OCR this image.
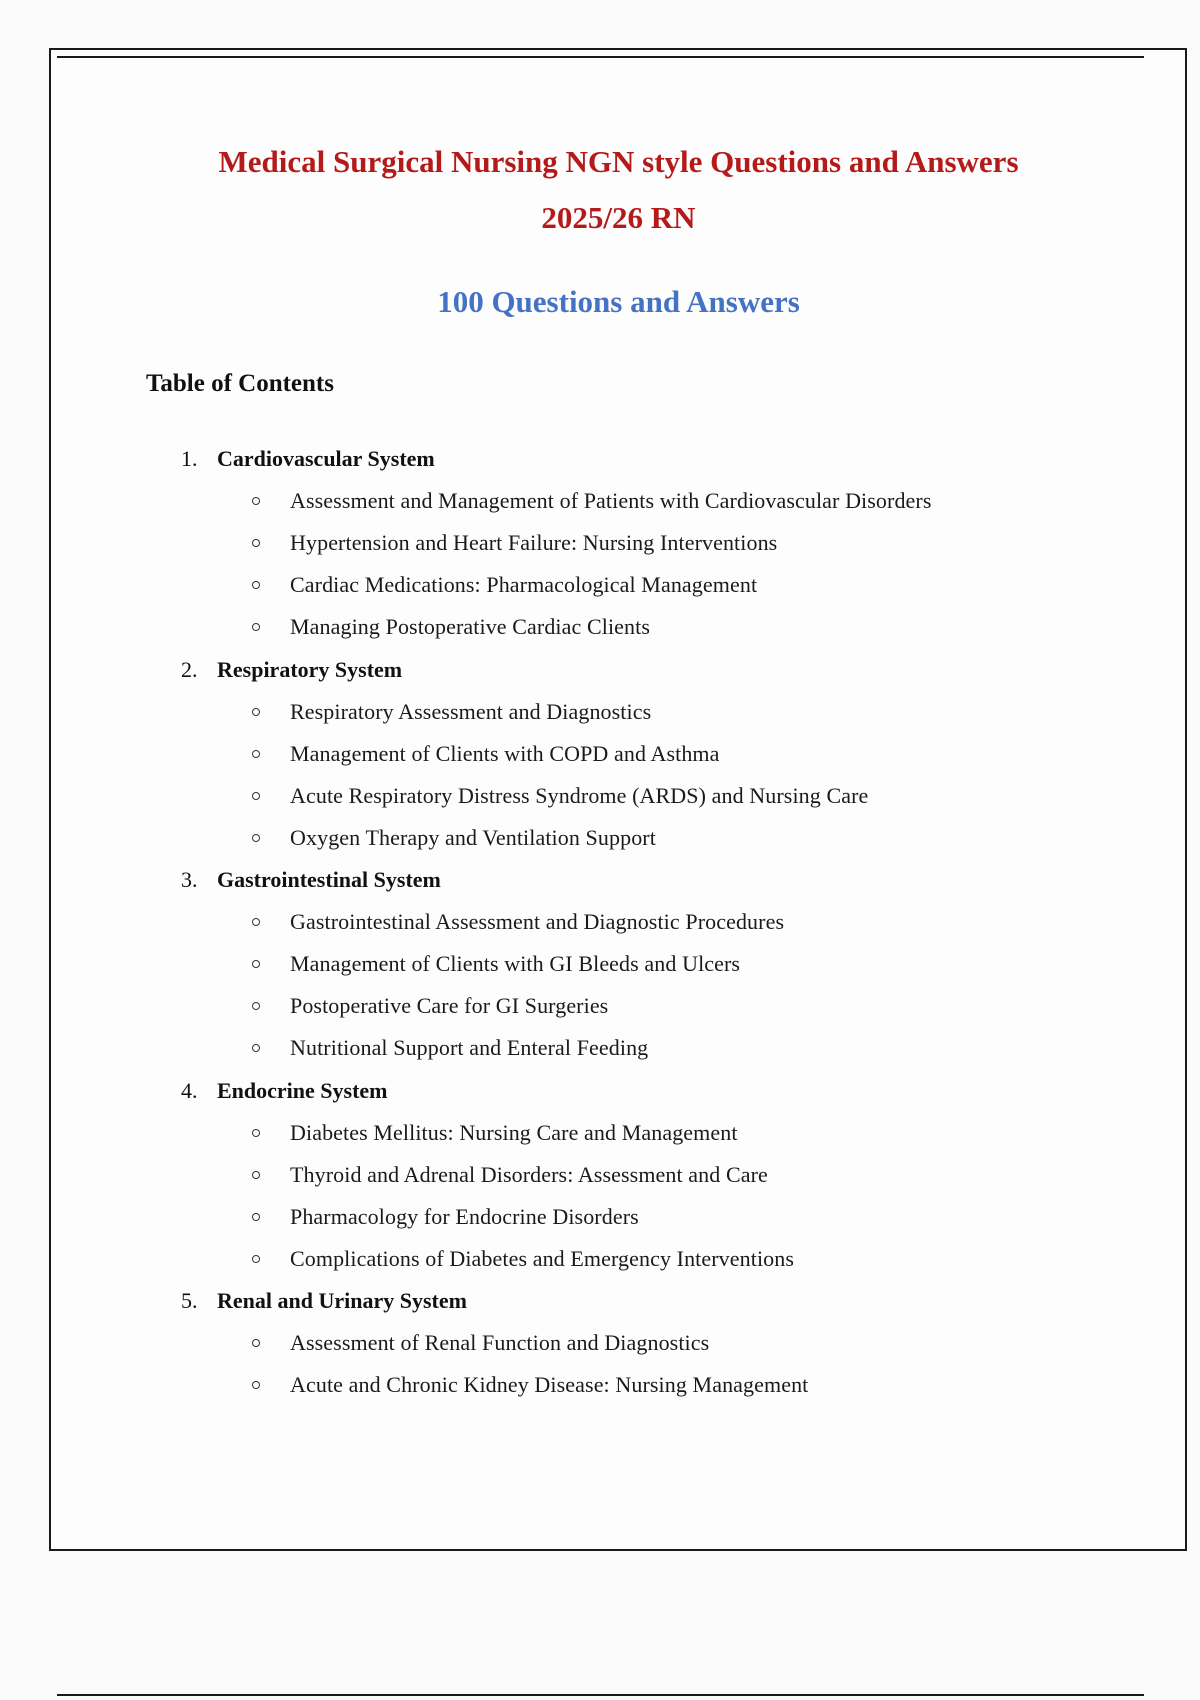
Medical Surgical Nursing NGN style Questions and Answers
2025/26 RN
100 Questions and Answers
Table of Contents
1. Cardiovascular System
Assessment and Management of Patients with Cardiovascular Disorders
Hypertension and Heart Failure: Nursing Interventions
Cardiac Medications: Pharmacological Management
Managing Postoperative Cardiac Clients
2. Respiratory System
Respiratory Assessment and Diagnostics
Management of Clients with COPD and Asthma
Acute Respiratory Distress Syndrome (ARDS) and Nursing Care
Oxygen Therapy and Ventilation Support
3. Gastrointestinal System
Gastrointestinal Assessment and Diagnostic Procedures
Management of Clients with GI Bleeds and Ulcers
Postoperative Care for GI Surgeries
Nutritional Support and Enteral Feeding
4. Endocrine System
Diabetes Mellitus: Nursing Care and Management
Thyroid and Adrenal Disorders: Assessment and Care
Pharmacology for Endocrine Disorders
Complications of Diabetes and Emergency Interventions
5. Renal and Urinary System
Assessment of Renal Function and Diagnostics
Acute and Chronic Kidney Disease: Nursing Management
